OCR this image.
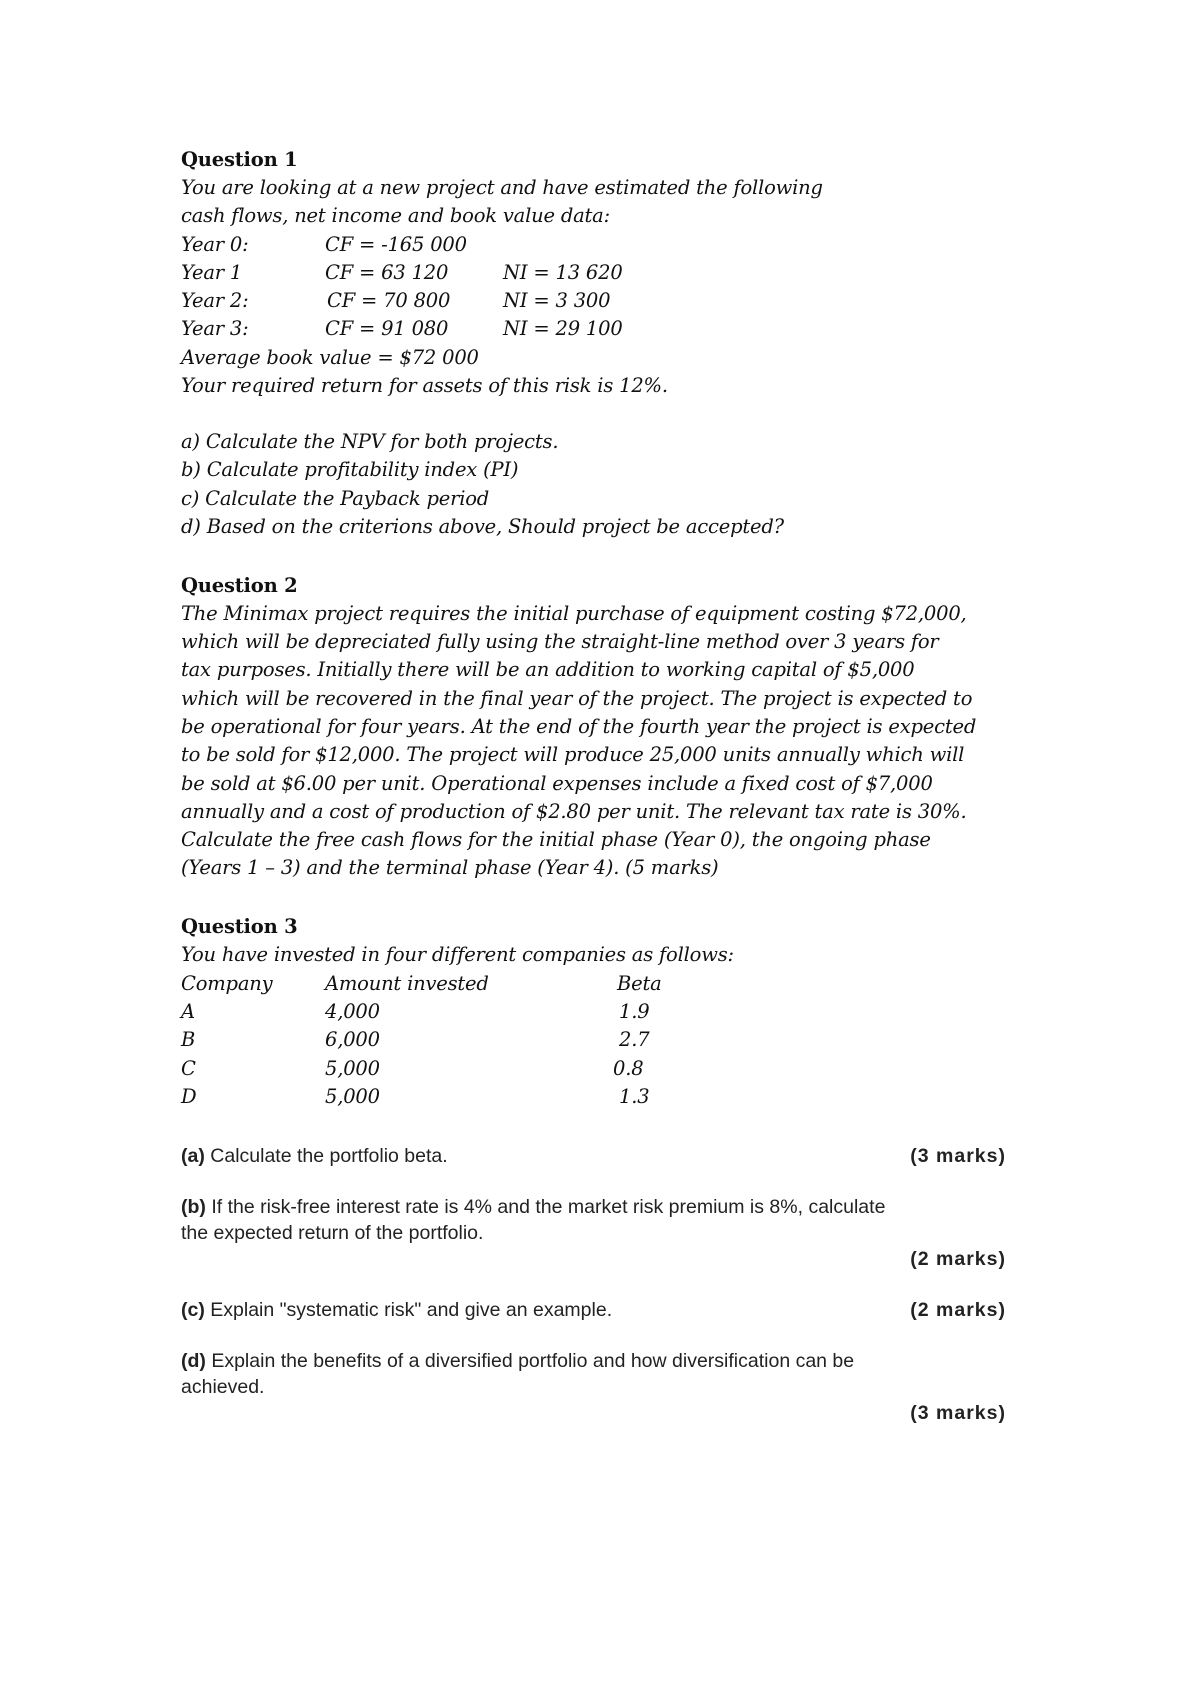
Question 1
You are looking at a new project and have estimated the following
cash flows, net income and book value data:
Year 0:	CF = -165 000
Year 1	CF = 63 120	NI = 13 620
Year 2:	CF = 70 800	NI = 3 300
Year 3:	CF = 91 080	NI = 29 100
Average book value = $72 000
Your required return for assets of this risk is 12%.
a) Calculate the NPV for both projects.
b) Calculate profitability index (PI)
c) Calculate the Payback period
d) Based on the criterions above, Should project be accepted?
Question 2
The Minimax project requires the initial purchase of equipment costing $72,000,
which will be depreciated fully using the straight-line method over 3 years for
tax purposes. Initially there will be an addition to working capital of $5,000
which will be recovered in the final year of the project. The project is expected to
be operational for four years. At the end of the fourth year the project is expected
to be sold for $12,000. The project will produce 25,000 units annually which will
be sold at $6.00 per unit. Operational expenses include a fixed cost of $7,000
annually and a cost of production of $2.80 per unit. The relevant tax rate is 30%.
Calculate the free cash flows for the initial phase (Year 0), the ongoing phase
(Years 1 – 3) and the terminal phase (Year 4). (5 marks)
Question 3
You have invested in four different companies as follows:
Company	Amount invested	Beta
A	4,000	1.9
B	6,000	2.7
C	5,000	0.8
D	5,000	1.3
(a) Calculate the portfolio beta.	(3 marks)
(b) If the risk-free interest rate is 4% and the market risk premium is 8%, calculate
the expected return of the portfolio.
(2 marks)
(c) Explain "systematic risk" and give an example.	(2 marks)
(d) Explain the benefits of a diversified portfolio and how diversification can be
achieved.
(3 marks)
